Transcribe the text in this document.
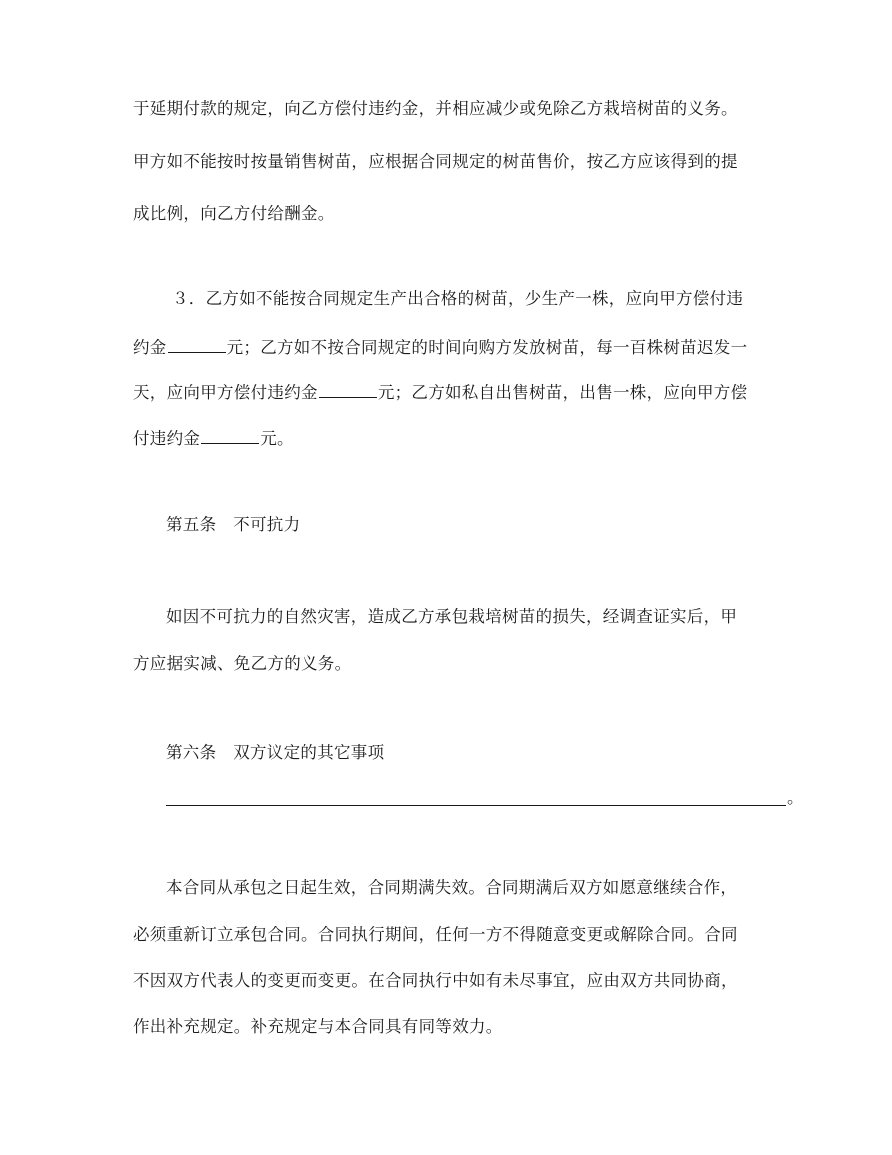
于延期付款的规定，向乙方偿付违约金，并相应减少或免除乙方栽培树苗的义务。
甲方如不能按时按量销售树苗，应根据合同规定的树苗售价，按乙方应该得到的提
成比例，向乙方付给酬金。
３．乙方如不能按合同规定生产出合格的树苗，少生产一株，应向甲方偿付违
约金	元；乙方如不按合同规定的时间向购方发放树苗，每一百株树苗迟发一
天，应向甲方偿付违约金	元；乙方如私自出售树苗，出售一株，应向甲方偿
付违约金	元。
第五条　不可抗力
如因不可抗力的自然灾害，造成乙方承包栽培树苗的损失，经调查证实后，甲
方应据实减、免乙方的义务。
第六条　双方议定的其它事项
。
本合同从承包之日起生效，合同期满失效。合同期满后双方如愿意继续合作，
必须重新订立承包合同。合同执行期间，任何一方不得随意变更或解除合同。合同
不因双方代表人的变更而变更。在合同执行中如有未尽事宜，应由双方共同协商，
作出补充规定。补充规定与本合同具有同等效力。
